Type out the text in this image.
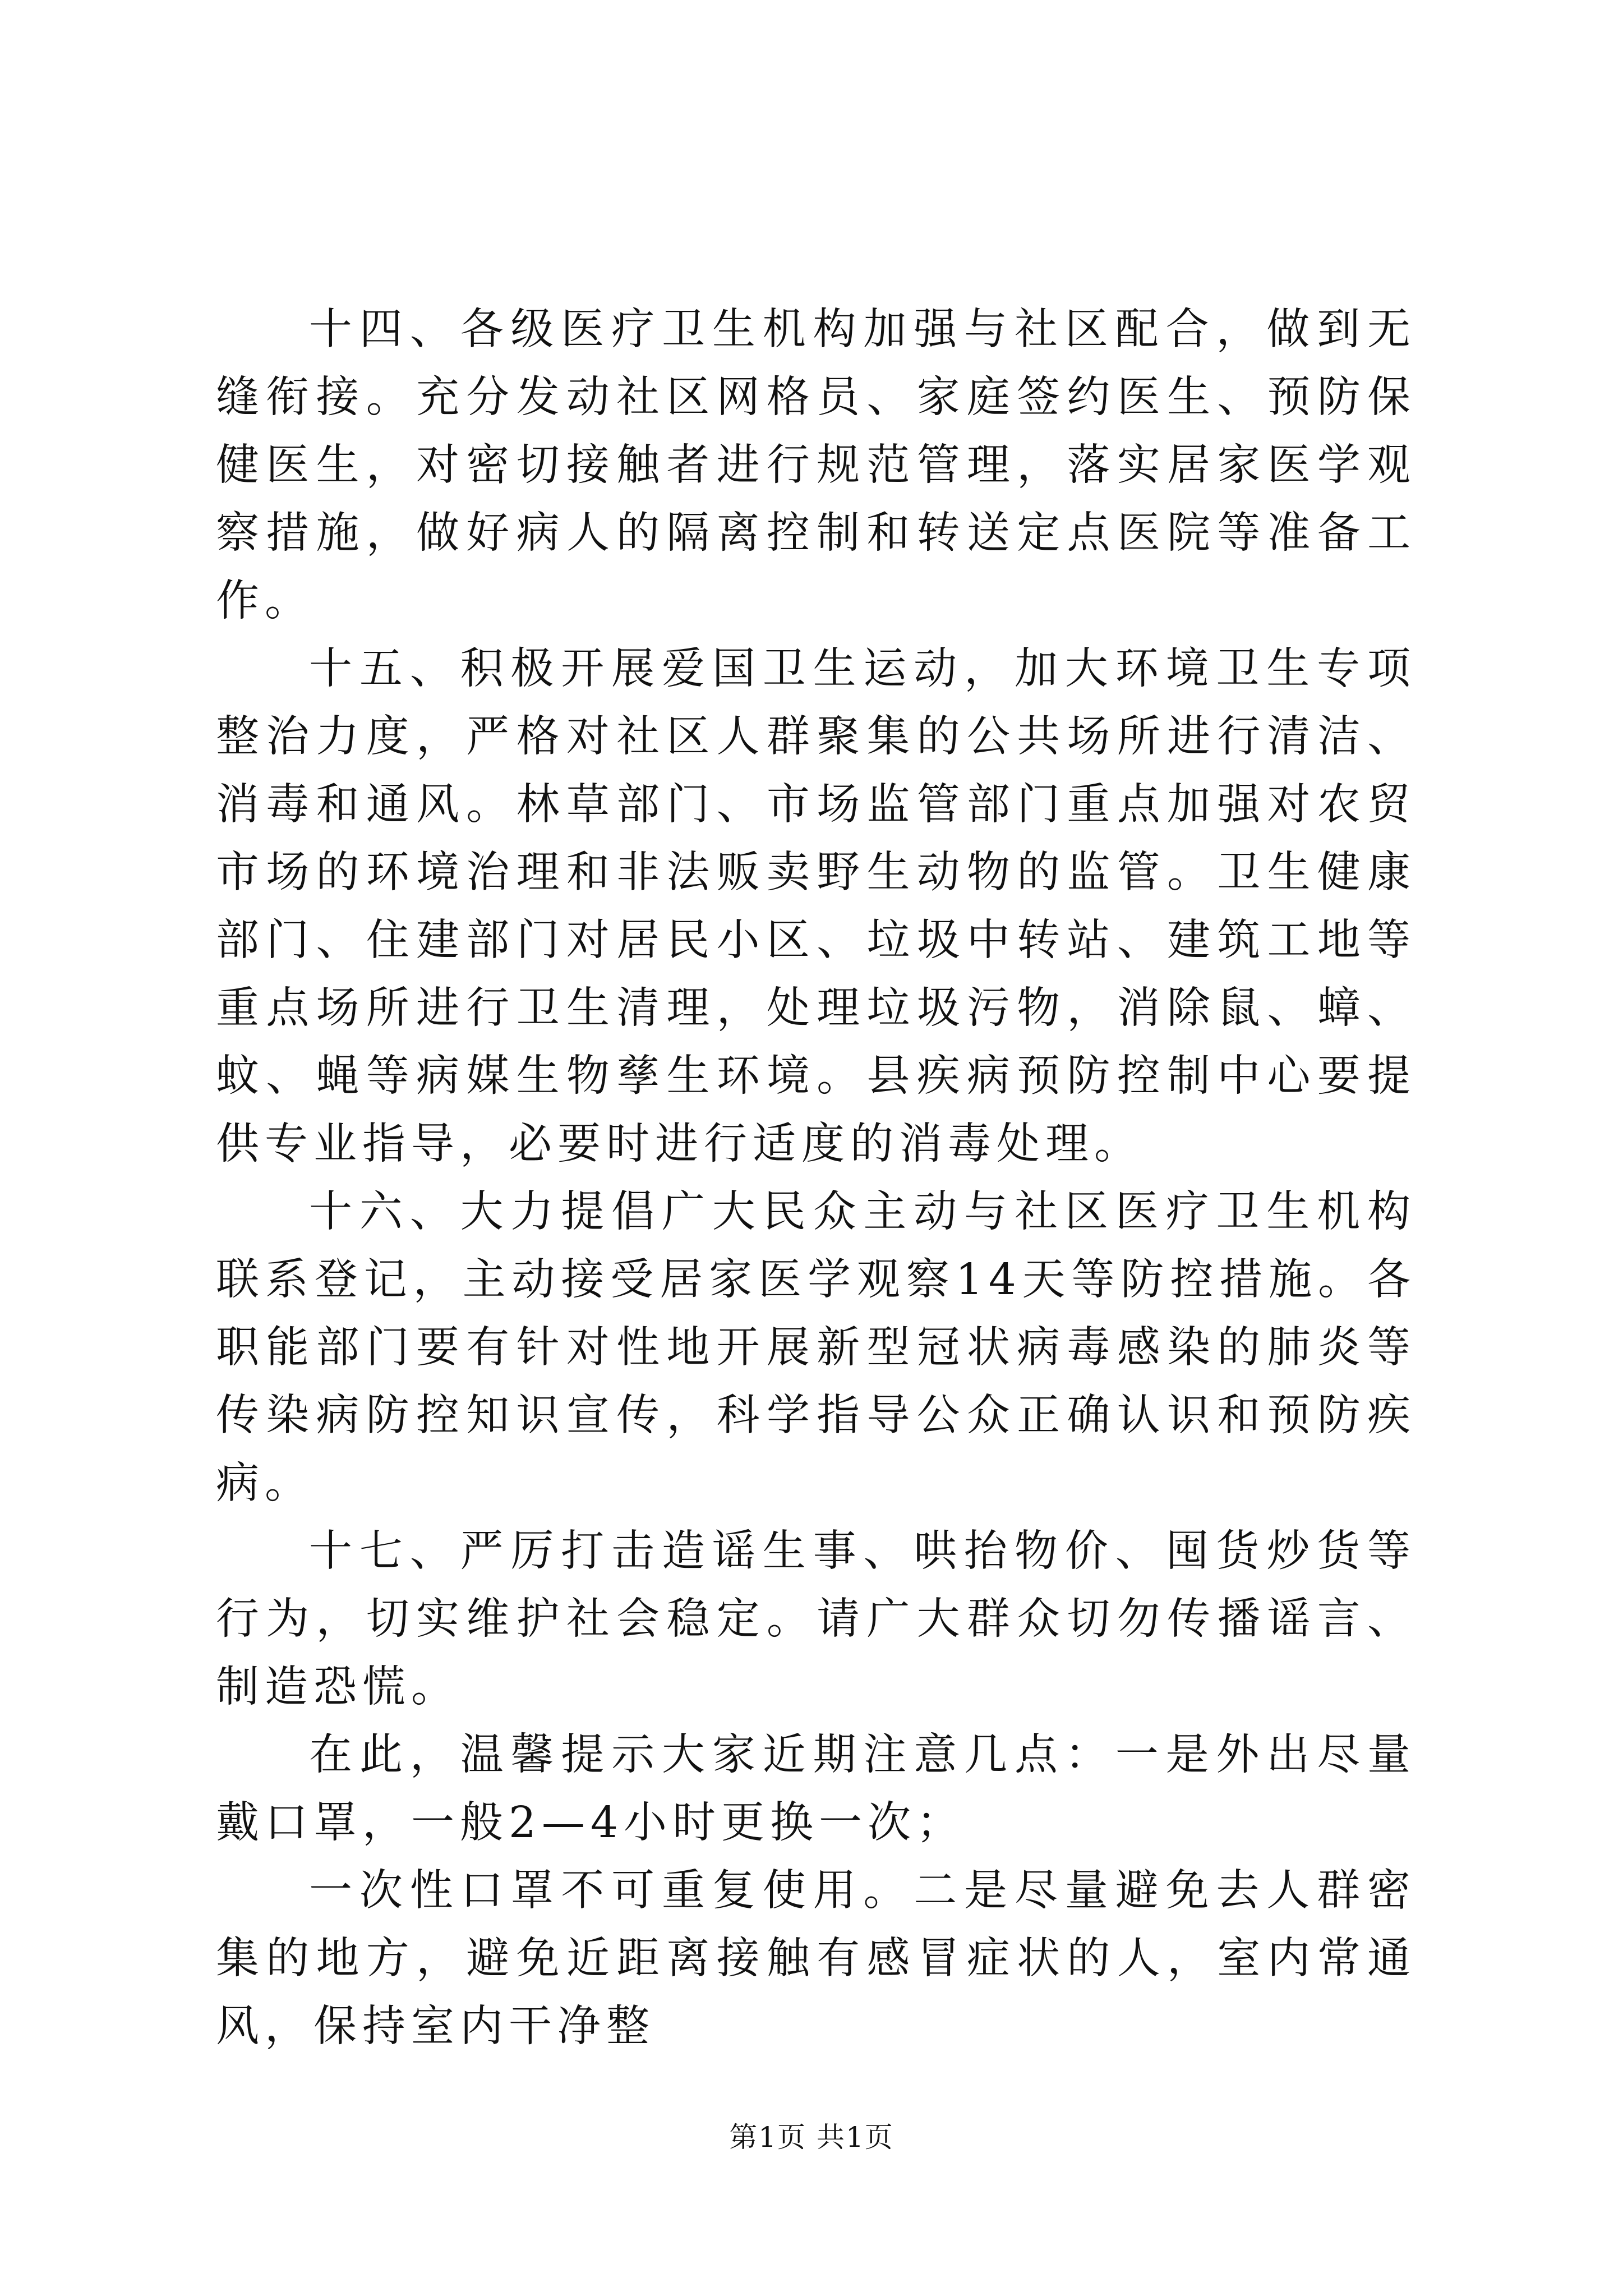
十四、各级医疗卫生机构加强与社区配合，做到无缝衔接。充分发动社区网格员、家庭签约医生、预防保健医生，对密切接触者进行规范管理，落实居家医学观察措施，做好病人的隔离控制和转送定点医院等准备工作。

十五、积极开展爱国卫生运动，加大环境卫生专项整治力度，严格对社区人群聚集的公共场所进行清洁、消毒和通风。林草部门、市场监管部门重点加强对农贸市场的环境治理和非法贩卖野生动物的监管。卫生健康部门、住建部门对居民小区、垃圾中转站、建筑工地等重点场所进行卫生清理，处理垃圾污物，消除鼠、蟑、蚊、蝇等病媒生物孳生环境。县疾病预防控制中心要提供专业指导，必要时进行适度的消毒处理。

十六、大力提倡广大民众主动与社区医疗卫生机构联系登记，主动接受居家医学观察14天等防控措施。各职能部门要有针对性地开展新型冠状病毒感染的肺炎等传染病防控知识宣传，科学指导公众正确认识和预防疾病。

十七、严厉打击造谣生事、哄抬物价、囤货炒货等行为，切实维护社会稳定。请广大群众切勿传播谣言、制造恐慌。

在此，温馨提示大家近期注意几点：一是外出尽量戴口罩，一般2—4小时更换一次；

一次性口罩不可重复使用。二是尽量避免去人群密集的地方，避免近距离接触有感冒症状的人，室内常通风，保持室内干净整

第1页 共1页
